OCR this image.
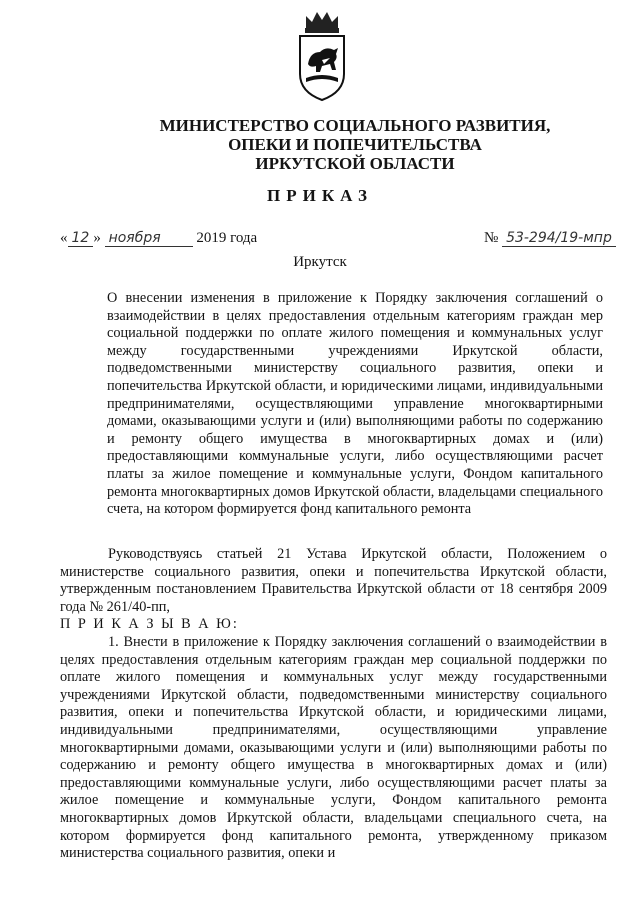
МИНИСТЕРСТВО СОЦИАЛЬНОГО РАЗВИТИЯ,
ОПЕКИ И ПОПЕЧИТЕЛЬСТВА
ИРКУТСКОЙ ОБЛАСТИ
ПРИКАЗ
« 12 » ноября 2019 года	№ 53-294/19-мпр
Иркутск
О внесении изменения в приложение к Порядку заключения соглашений о взаимодействии в целях предоставления отдельным категориям граждан мер социальной поддержки по оплате жилого помещения и коммунальных услуг между государственными учреждениями Иркутской области, подведомственными министерству социального развития, опеки и попечительства Иркутской области, и юридическими лицами, индивидуальными предпринимателями, осуществляющими управление многоквартирными домами, оказывающими услуги и (или) выполняющими работы по содержанию и ремонту общего имущества в многоквартирных домах и (или) предоставляющими коммунальные услуги, либо осуществляющими расчет платы за жилое помещение и коммунальные услуги, Фондом капитального ремонта многоквартирных домов Иркутской области, владельцами специального счета, на котором формируется фонд капитального ремонта

Руководствуясь статьей 21 Устава Иркутской области, Положением о министерстве социального развития, опеки и попечительства Иркутской области, утвержденным постановлением Правительства Иркутской области от 18 сентября 2009 года № 261/40-пп,

П Р И К А З Ы В А Ю:

1. Внести в приложение к Порядку заключения соглашений о взаимодействии в целях предоставления отдельным категориям граждан мер социальной поддержки по оплате жилого помещения и коммунальных услуг между государственными учреждениями Иркутской области, подведомственными министерству социального развития, опеки и попечительства Иркутской области, и юридическими лицами, индивидуальными предпринимателями, осуществляющими управление многоквартирными домами, оказывающими услуги и (или) выполняющими работы по содержанию и ремонту общего имущества в многоквартирных домах и (или) предоставляющими коммунальные услуги, либо осуществляющими расчет платы за жилое помещение и коммунальные услуги, Фондом капитального ремонта многоквартирных домов Иркутской области, владельцами специального счета, на котором формируется фонд капитального ремонта, утвержденному приказом министерства социального развития, опеки и
